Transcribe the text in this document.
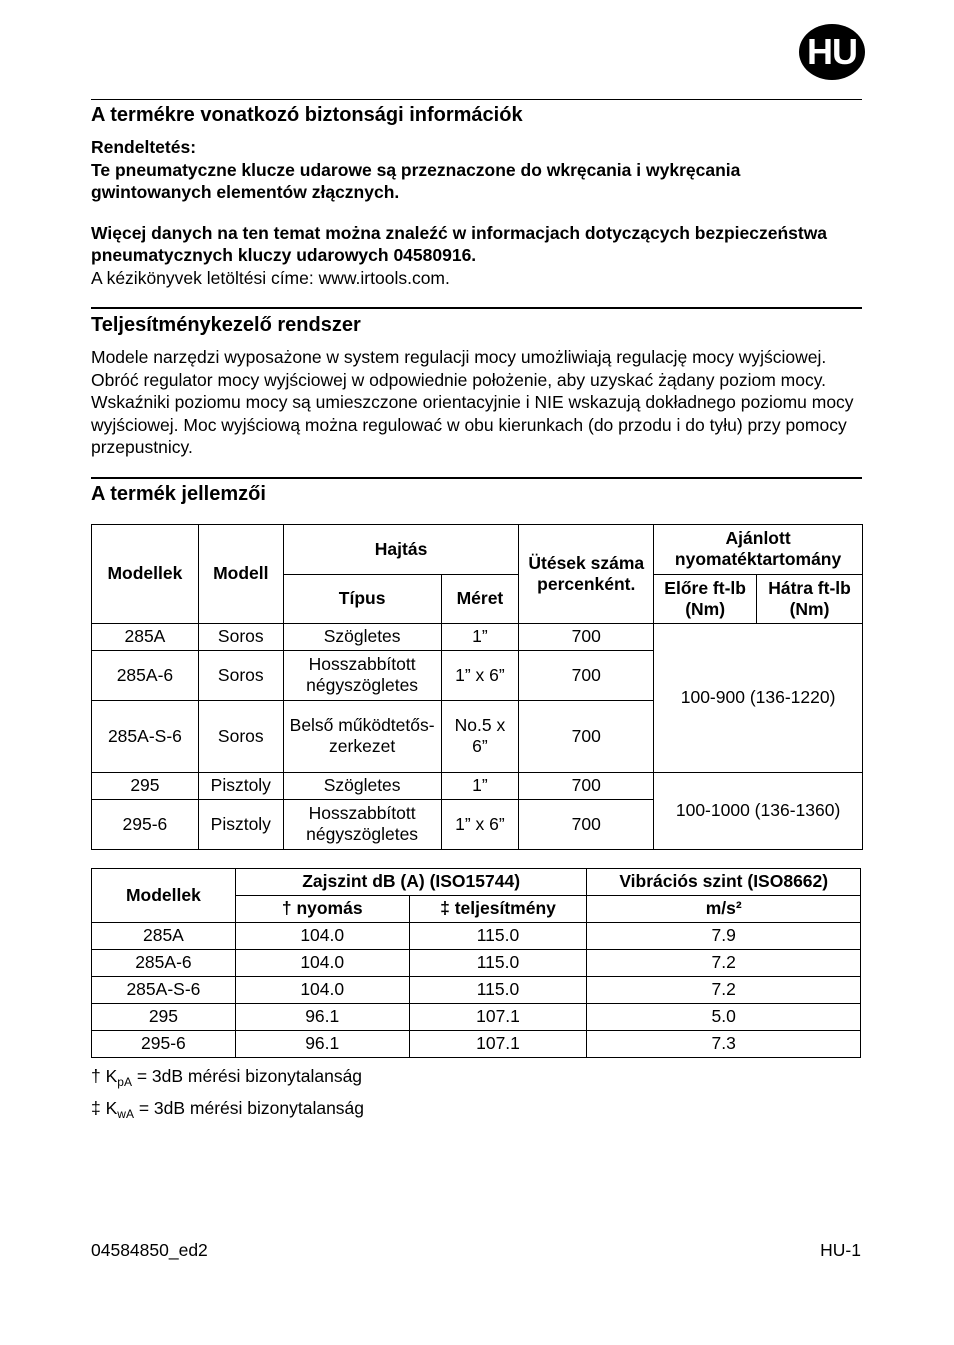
HU
A termékre vonatkozó biztonsági információk

Rendeltetés:

Te pneumatyczne klucze udarowe są przeznaczone do wkręcania i wykręcania gwintowanych elementów złącznych.

Więcej danych na ten temat można znaleźć w informacjach dotyczących bezpieczeństwa pneumatycznych kluczy udarowych 04580916.

A kézikönyvek letöltési címe: www.irtools.com.

Teljesítménykezelő rendszer

Modele narzędzi wyposażone w system regulacji mocy umożliwiają regulację mocy wyjściowej.

Obróć regulator mocy wyjściowej w odpowiednie położenie, aby uzyskać żądany poziom mocy.

Wskaźniki poziomu mocy są umieszczone orientacyjnie i NIE wskazują dokładnego poziomu mocy wyjściowej. Moc wyjściową można regulować w obu kierunkach (do przodu i do tyłu) przy pomocy przepustnicy.

A termék jellemzői
Modellek	Modell	Hajtás		Ütések száma percenként.	Ajánlott nyomatéktartomány	
		Típus	Méret		Előre ft-lb (Nm)	Hátra ft-lb (Nm)
285A	Soros	Szögletes	1”	700	100-900 (136-1220)	
285A-6	Soros	Hosszabbított négyszögletes	1” x 6”	700		
285A-S-6	Soros	Belső működtetős-zerkezet	No.5 x 6”	700		
295	Pisztoly	Szögletes	1”	700	100-1000 (136-1360)	
295-6	Pisztoly	Hosszabbított négyszögletes	1” x 6”	700		
Modellek	Zajszint dB (A) (ISO15744)		Vibrációs szint (ISO8662)
	† nyomás	‡ teljesítmény	m/s²
285A	104.0	115.0	7.9
285A-6	104.0	115.0	7.2
285A-S-6	104.0	115.0	7.2
295	96.1	107.1	5.0
295-6	96.1	107.1	7.3
† $K_{pA} = 3dB$ mérési bizonytalanság
‡ $K_{wA} = 3dB$ mérési bizonytalanság
04584850_ed2	HU-1
